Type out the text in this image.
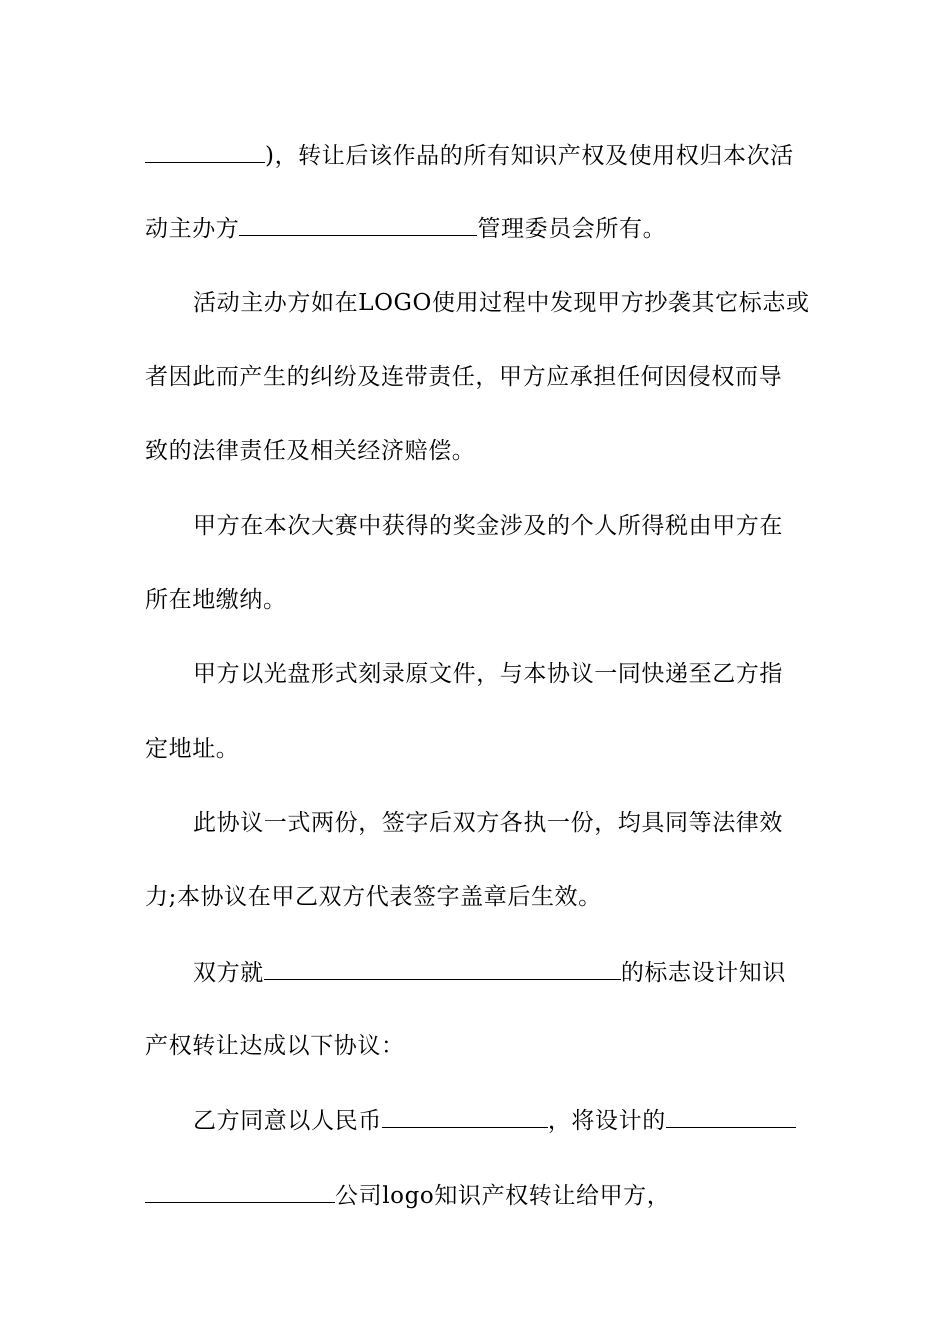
)，转让后该作品的所有知识产权及使用权归本次活
动主办方	管理委员会所有。
活动主办方如在LOGO使用过程中发现甲方抄袭其它标志或
者因此而产生的纠纷及连带责任，甲方应承担任何因侵权而导
致的法律责任及相关经济赔偿。
甲方在本次大赛中获得的奖金涉及的个人所得税由甲方在
所在地缴纳。
甲方以光盘形式刻录原文件，与本协议一同快递至乙方指
定地址。
此协议一式两份，签字后双方各执一份，均具同等法律效
力;本协议在甲乙双方代表签字盖章后生效。
双方就	的标志设计知识
产权转让达成以下协议：
乙方同意以人民币	，将设计的
公司logo知识产权转让给甲方，
